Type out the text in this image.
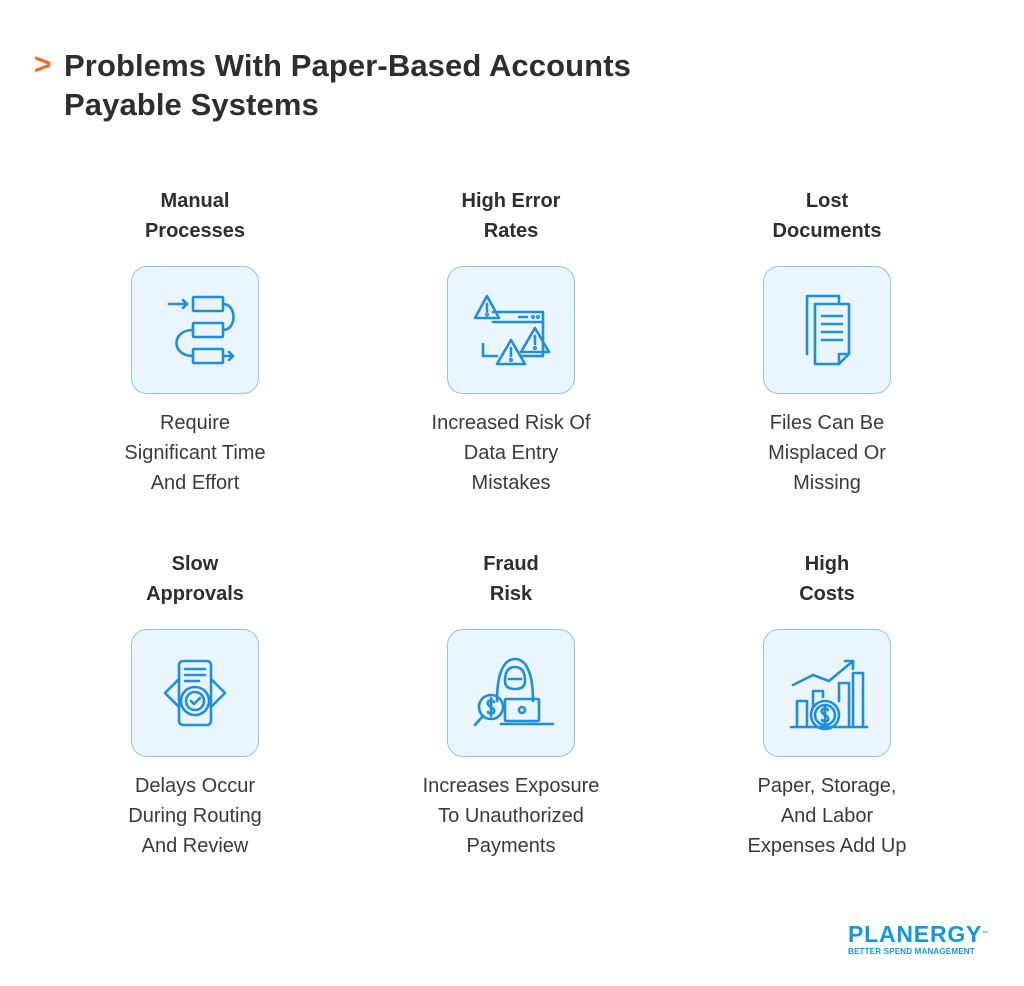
> Problems With Paper-Based Accounts
Payable Systems
Manual
Processes
Require
Significant Time
And Effort
High Error
Rates
Increased Risk Of
Data Entry
Mistakes
Lost
Documents
Files Can Be
Misplaced Or
Missing
Slow
Approvals
Delays Occur
During Routing
And Review
Fraud
Risk
Increases Exposure
To Unauthorized
Payments
High
Costs
Paper, Storage,
And Labor
Expenses Add Up
PLANERGY™
BETTER SPEND MANAGEMENT
